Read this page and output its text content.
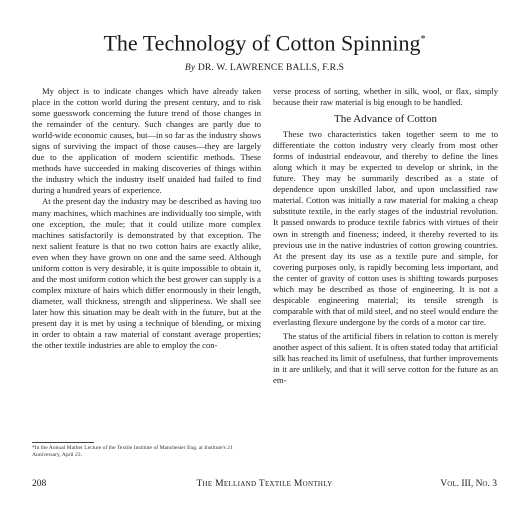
The Technology of Cotton Spinning*
By DR. W. LAWRENCE BALLS, F.R.S

My object is to indicate changes which have already taken place in the cotton world during the present century, and to risk some guesswork concerning the future trend of those changes in the remainder of the century. Such changes are partly due to world-wide economic causes, but—in so far as the industry shows signs of surviving the impact of those causes—they are largely due to the application of modern scientific methods. These methods have succeeded in making discoveries of things within the industry which the industry itself unaided had failed to find during a hundred years of experience.

At the present day the industry may be described as having too many machines, which machines are individually too simple, with one exception, the mule; that it could utilize more complex machines satisfactorily is demonstrated by that exception. The next salient feature is that no two cotton hairs are exactly alike, even when they have grown on one and the same seed. Although uniform cotton is very desirable, it is quite impossible to obtain it, and the most uniform cotton which the best grower can supply is a complex mixture of hairs which differ enormously in their length, diameter, wall thickness, strength and slipperiness. We shall see later how this situation may be dealt with in the future, but at the present day it is met by using a technique of blending, or mixing in order to obtain a raw material of constant average properties; the other textile industries are able to employ the con-

verse process of sorting, whether in silk, wool, or flax, simply because their raw material is big enough to be handled.

The Advance of Cotton

These two characteristics taken together seem to me to differentiate the cotton industry very clearly from most other forms of industrial endeavour, and thereby to define the lines along which it may be expected to develop or shrink, in the future. They may be summarily described as a state of dependence upon unskilled labor, and upon unclassified raw material. Cotton was initially a raw material for making a cheap substitute textile, in the early stages of the industrial revolution. It passed onwards to produce textile fabrics with virtues of their own in strength and fineness; indeed, it thereby reverted to its previous use in the native industries of cotton growing countries. At the present day its use as a textile pure and simple, for covering purposes only, is rapidly becoming less important, and the center of gravity of cotton uses is shifting towards purposes which may be described as those of engineering. It is not a despicable engineering material; its tensile strength is comparable with that of mild steel, and no steel would endure the everlasting flexure undergone by the cords of a motor car tire.

The status of the artificial fibers in relation to cotton is merely another aspect of this salient. It is often stated today that artificial silk has reached its limit of usefulness, that further improvements in it are unlikely, and that it will serve cotton for the future as an em-

*In the Annual Mather Lecture of the Textile Institute of Manchester Eng. at Institute's 21 Anniversary, April 23.
208	The Melliand Textile Monthly	Vol. III, No. 3
